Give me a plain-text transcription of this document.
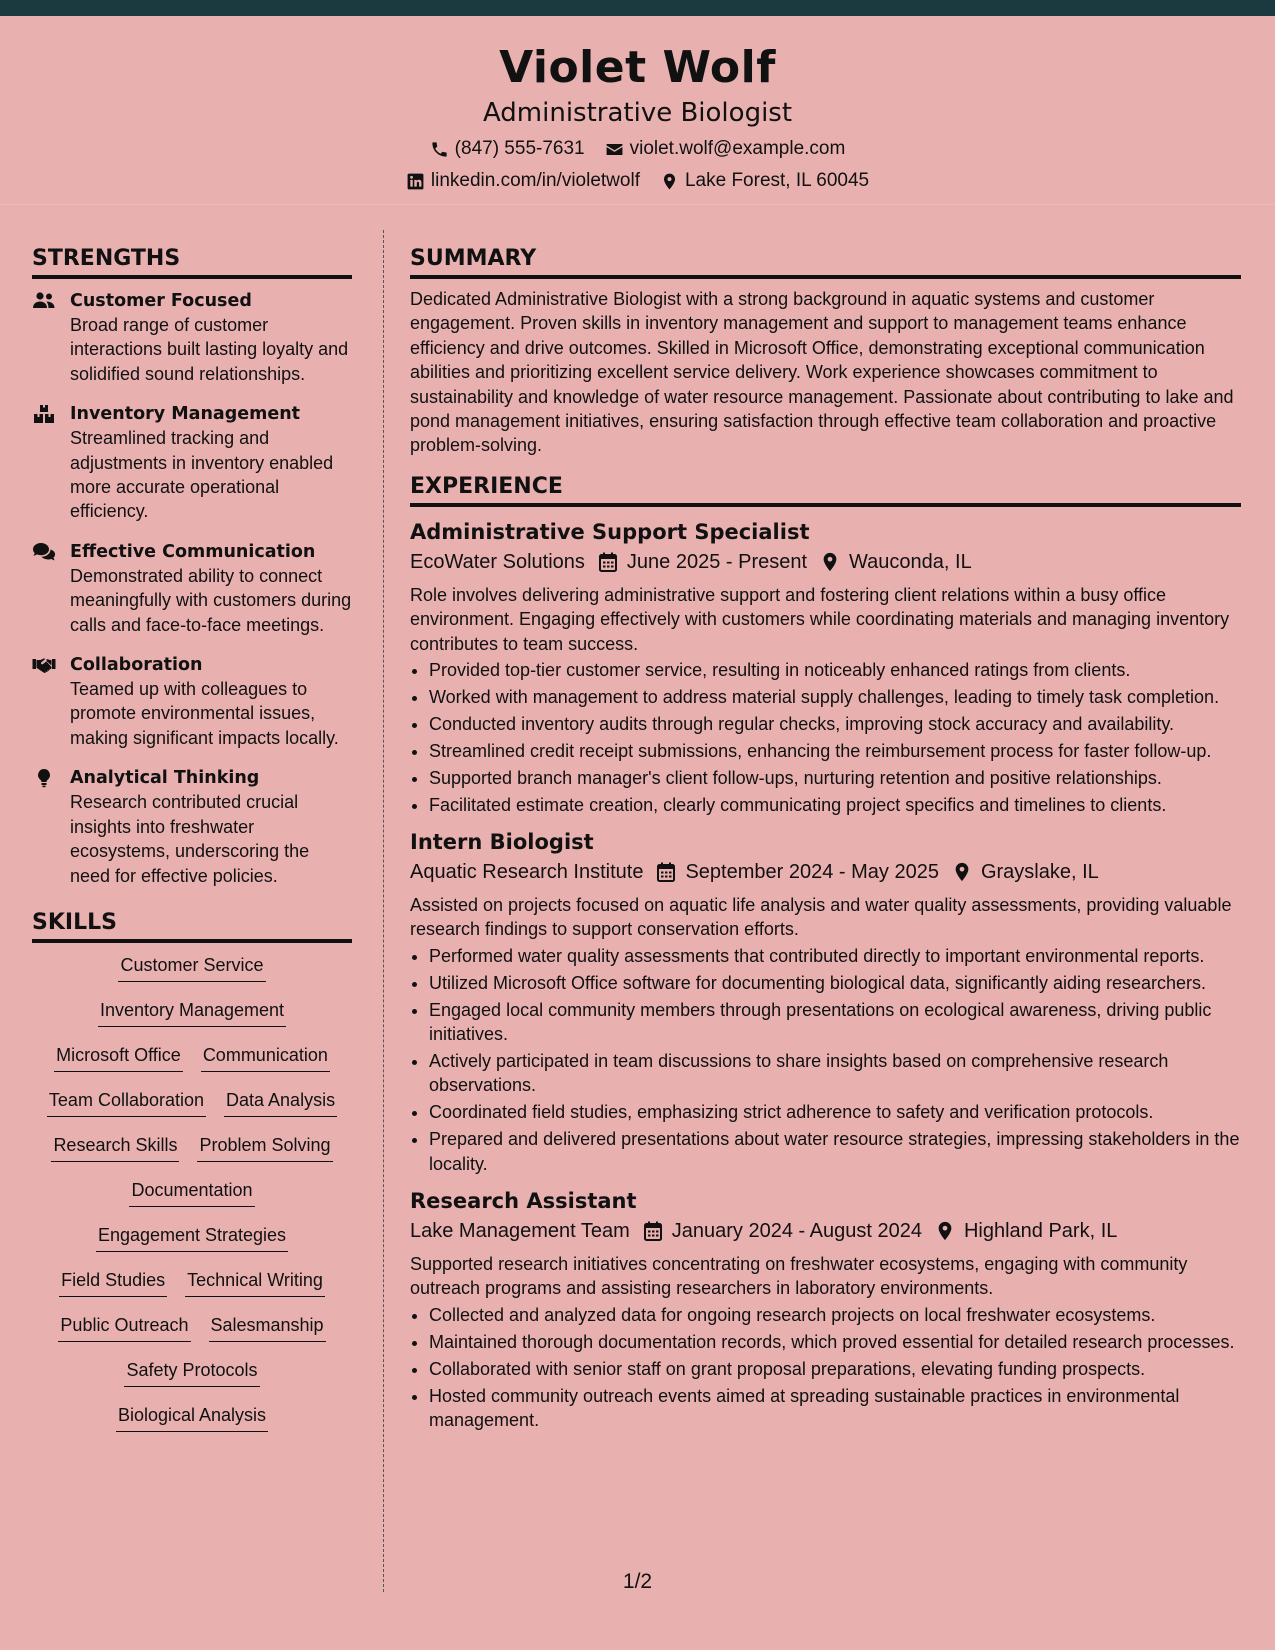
Violet Wolf
Administrative Biologist
(847) 555-7631 violet.wolf@example.com
linkedin.com/in/violetwolf Lake Forest, IL 60045
STRENGTHS
Customer Focused
Broad range of customer interactions built lasting loyalty and solidified sound relationships.
Inventory Management
Streamlined tracking and adjustments in inventory enabled more accurate operational efficiency.
Effective Communication
Demonstrated ability to connect meaningfully with customers during calls and face-to-face meetings.
Collaboration
Teamed up with colleagues to promote environmental issues, making significant impacts locally.
Analytical Thinking
Research contributed crucial insights into freshwater ecosystems, underscoring the need for effective policies.
SKILLS
Customer Service
Inventory Management
Microsoft Office Communication
Team Collaboration Data Analysis
Research Skills Problem Solving
Documentation
Engagement Strategies
Field Studies Technical Writing
Public Outreach Salesmanship
Safety Protocols
Biological Analysis
SUMMARY
Dedicated Administrative Biologist with a strong background in aquatic systems and customer engagement. Proven skills in inventory management and support to management teams enhance efficiency and drive outcomes. Skilled in Microsoft Office, demonstrating exceptional communication abilities and prioritizing excellent service delivery. Work experience showcases commitment to sustainability and knowledge of water resource management. Passionate about contributing to lake and pond management initiatives, ensuring satisfaction through effective team collaboration and proactive problem-solving.
EXPERIENCE
Administrative Support Specialist
EcoWater Solutions June 2025 - Present Wauconda, IL
Role involves delivering administrative support and fostering client relations within a busy office environment. Engaging effectively with customers while coordinating materials and managing inventory contributes to team success.
• Provided top-tier customer service, resulting in noticeably enhanced ratings from clients.
• Worked with management to address material supply challenges, leading to timely task completion.
• Conducted inventory audits through regular checks, improving stock accuracy and availability.
• Streamlined credit receipt submissions, enhancing the reimbursement process for faster follow-up.
• Supported branch manager's client follow-ups, nurturing retention and positive relationships.
• Facilitated estimate creation, clearly communicating project specifics and timelines to clients.
Intern Biologist
Aquatic Research Institute September 2024 - May 2025 Grayslake, IL
Assisted on projects focused on aquatic life analysis and water quality assessments, providing valuable research findings to support conservation efforts.
• Performed water quality assessments that contributed directly to important environmental reports.
• Utilized Microsoft Office software for documenting biological data, significantly aiding researchers.
• Engaged local community members through presentations on ecological awareness, driving public initiatives.
• Actively participated in team discussions to share insights based on comprehensive research observations.
• Coordinated field studies, emphasizing strict adherence to safety and verification protocols.
• Prepared and delivered presentations about water resource strategies, impressing stakeholders in the locality.
Research Assistant
Lake Management Team January 2024 - August 2024 Highland Park, IL
Supported research initiatives concentrating on freshwater ecosystems, engaging with community outreach programs and assisting researchers in laboratory environments.
• Collected and analyzed data for ongoing research projects on local freshwater ecosystems.
• Maintained thorough documentation records, which proved essential for detailed research processes.
• Collaborated with senior staff on grant proposal preparations, elevating funding prospects.
• Hosted community outreach events aimed at spreading sustainable practices in environmental management.
1/2
